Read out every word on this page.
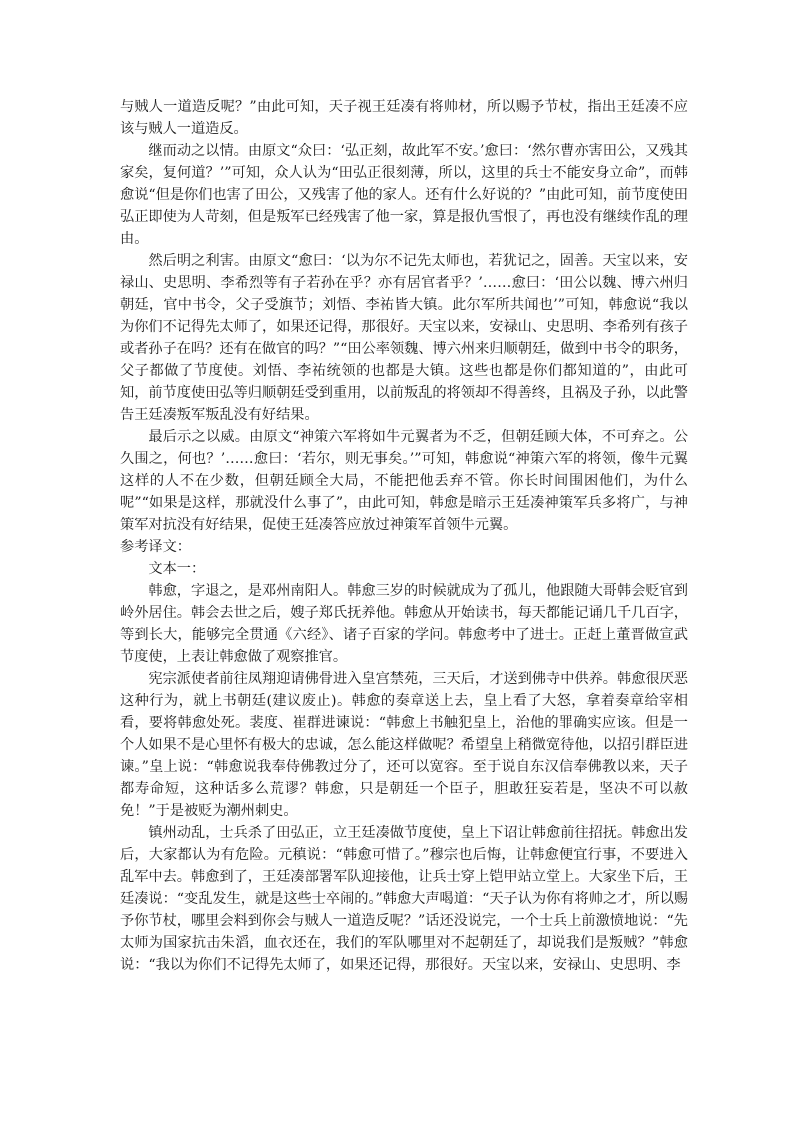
与贼人一道造反呢？”由此可知，天子视王廷凑有将帅材，所以赐予节杖，指出王廷凑不应该与贼人一道造反。

继而动之以情。由原文“众曰：‘弘正刻，故此军不安。’愈曰：‘然尔曹亦害田公，又残其家矣，复何道？’”可知，众人认为“田弘正很刻薄，所以，这里的兵士不能安身立命”，而韩愈说“但是你们也害了田公，又残害了他的家人。还有什么好说的？”由此可知，前节度使田弘正即使为人苛刻，但是叛军已经残害了他一家，算是报仇雪恨了，再也没有继续作乱的理由。

然后明之利害。由原文“愈曰：‘以为尔不记先太师也，若犹记之，固善。天宝以来，安禄山、史思明、李希烈等有子若孙在乎？亦有居官者乎？’……愈曰：‘田公以魏、博六州归朝廷，官中书令，父子受旗节；刘悟、李祐皆大镇。此尔军所共闻也’”可知，韩愈说“我以为你们不记得先太师了，如果还记得，那很好。天宝以来，安禄山、史思明、李希列有孩子或者孙子在吗？还有在做官的吗？”“田公率领魏、博六州来归顺朝廷，做到中书令的职务，父子都做了节度使。刘悟、李祐统领的也都是大镇。这些也都是你们都知道的”，由此可知，前节度使田弘等归顺朝廷受到重用，以前叛乱的将领却不得善终，且祸及子孙，以此警告王廷凑叛军叛乱没有好结果。

最后示之以威。由原文“神策六军将如牛元翼者为不乏，但朝廷顾大体，不可弃之。公久围之，何也？’……愈曰：‘若尔，则无事矣。’”可知，韩愈说“神策六军的将领，像牛元翼这样的人不在少数，但朝廷顾全大局，不能把他丢弃不管。你长时间围困他们，为什么呢”“如果是这样，那就没什么事了”，由此可知，韩愈是暗示王廷凑神策军兵多将广，与神策军对抗没有好结果，促使王廷凑答应放过神策军首领牛元翼。

参考译文：

文本一：

韩愈，字退之，是邓州南阳人。韩愈三岁的时候就成为了孤儿，他跟随大哥韩会贬官到岭外居住。韩会去世之后，嫂子郑氏抚养他。韩愈从开始读书，每天都能记诵几千几百字，等到长大，能够完全贯通《六经》、诸子百家的学问。韩愈考中了进士。正赶上董晋做宣武节度使，上表让韩愈做了观察推官。

宪宗派使者前往凤翔迎请佛骨进入皇宫禁苑，三天后，才送到佛寺中供养。韩愈很厌恶这种行为，就上书朝廷(建议废止)。韩愈的奏章送上去，皇上看了大怒，拿着奏章给宰相看，要将韩愈处死。裴度、崔群进谏说：“韩愈上书触犯皇上，治他的罪确实应该。但是一个人如果不是心里怀有极大的忠诚，怎么能这样做呢？希望皇上稍微宽待他，以招引群臣进谏。”皇上说：“韩愈说我奉侍佛教过分了，还可以宽容。至于说自东汉信奉佛教以来，天子都寿命短，这种话多么荒谬？韩愈，只是朝廷一个臣子，胆敢狂妄若是，坚决不可以赦免！”于是被贬为潮州刺史。

镇州动乱，士兵杀了田弘正，立王廷凑做节度使，皇上下诏让韩愈前往招抚。韩愈出发后，大家都认为有危险。元稹说：“韩愈可惜了。”穆宗也后悔，让韩愈便宜行事，不要进入乱军中去。韩愈到了，王廷凑部署军队迎接他，让兵士穿上铠甲站立堂上。大家坐下后，王廷凑说：“变乱发生，就是这些士卒闹的。”韩愈大声喝道：“天子认为你有将帅之才，所以赐予你节杖，哪里会料到你会与贼人一道造反呢？”话还没说完，一个士兵上前激愤地说：“先太师为国家抗击朱滔，血衣还在，我们的军队哪里对不起朝廷了，却说我们是叛贼？”韩愈说：“我以为你们不记得先太师了，如果还记得，那很好。天宝以来，安禄山、史思明、李
